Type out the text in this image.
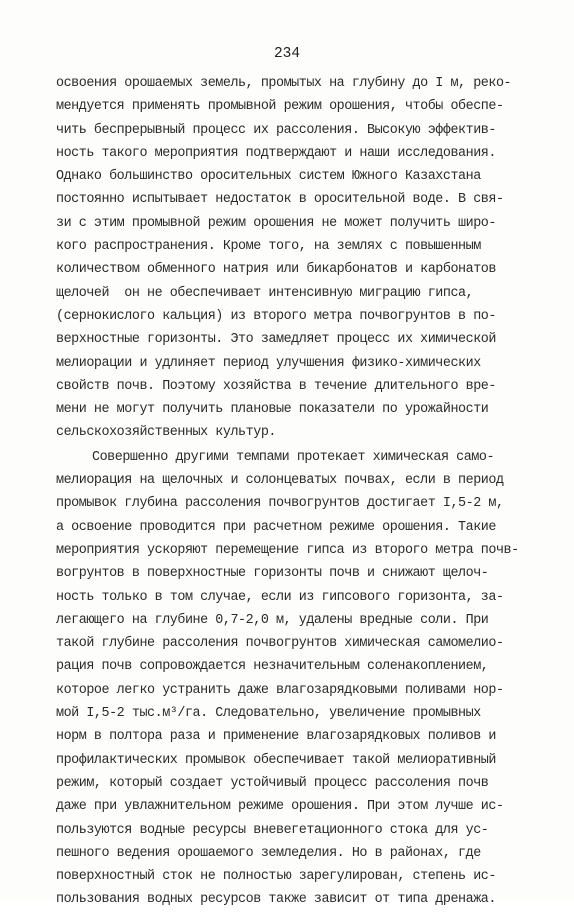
234
освоения орошаемых земель, промытых на глубину до I м, реко-
мендуется применять промывной режим орошения, чтобы обеспе-
чить беспрерывный процесс их рассоления. Высокую эффектив-
ность такого мероприятия подтверждают и наши исследования.
Однако большинство оросительных систем Южного Казахстана
постоянно испытывает недостаток в оросительной воде. В свя-
зи с этим промывной режим орошения не может получить широ-
кого распространения. Кроме того, на землях с повышенным
количеством обменного натрия или бикарбонатов и карбонатов
щелочей  он не обеспечивает интенсивную миграцию гипса,
(сернокислого кальция) из второго метра почвогрунтов в по-
верхностные горизонты. Это замедляет процесс их химической
мелиорации и удлиняет период улучшения физико-химических
свойств почв. Поэтому хозяйства в течение длительного вре-
мени не могут получить плановые показатели по урожайности
сельскохозяйственных культур.
Совершенно другими темпами протекает химическая само-
мелиорация на щелочных и солонцеватых почвах, если в период
промывок глубина рассоления почвогрунтов достигает I,5-2 м,
а освоение проводится при расчетном режиме орошения. Такие
мероприятия ускоряют перемещение гипса из второго метра почв-
вогрунтов в поверхностные горизонты почв и снижают щелоч-
ность только в том случае, если из гипсового горизонта, за-
легающего на глубине 0,7-2,0 м, удалены вредные соли. При
такой глубине рассоления почвогрунтов химическая самомелио-
рация почв сопровождается незначительным соленакоплением,
которое легко устранить даже влагозарядковыми поливами нор-
мой I,5-2 тыс.м³/га. Следовательно, увеличение промывных
норм в полтора раза и применение влагозарядковых поливов и
профилактических промывок обеспечивает такой мелиоративный
режим, который создает устойчивый процесс рассоления почв
даже при увлажнительном режиме орошения. При этом лучше ис-
пользуются водные ресурсы вневегетационного стока для ус-
пешного ведения орошаемого земледелия. Но в районах, где
поверхностный сток не полностью зарегулирован, степень ис-
пользования водных ресурсов также зависит от типа дренажа.
